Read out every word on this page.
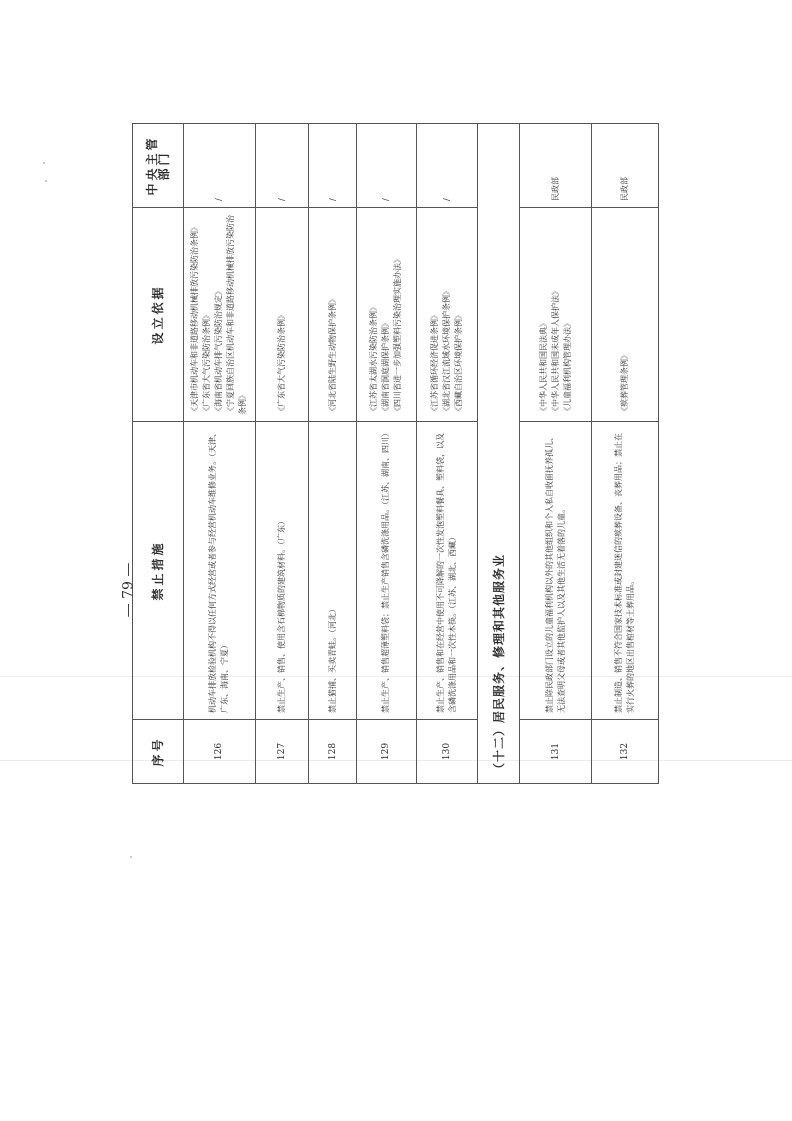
序号	禁止措施	设立依据	中央主管部门
126	机动车排放检验机构不得以任何方式经营或者参与经营机动车维修业务。（天津、广东、海南、宁夏）	《天津市机动车和非道路移动机械排放污染防治条例》 《广东省大气污染防治条例》 《海南省机动车排气污染防治规定》 《宁夏回族自治区机动车和非道路移动机械排放污染防治条例》	/
127	禁止生产、销售、使用含石棉物质的建筑材料。（广东）	《广东省大气污染防治条例》	/
128	禁止猎捕、买卖青蛙。（河北）	《河北省陆生野生动物保护条例》	/
129	禁止生产、销售超薄塑料袋；禁止生产销售含磷洗涤用品。（江苏、湖南、四川）	《江苏省太湖水污染防治条例》 《湖南省洞庭湖保护条例》 《四川省进一步加强塑料污染治理实施办法》	/
130	禁止生产、销售和在经营中使用不可降解的一次性发泡塑料餐具、塑料袋，以及含磷洗涤用品和一次性木筷。（江苏、湖北、西藏）	《江苏省循环经济促进条例》 《湖北省汉江流域水环境保护条例》 《西藏自治区环境保护条例》	/
（十二）居民服务、修理和其他服务业			
131	禁止除民政部门设立的儿童福利机构以外的其他组织和个人私自收留抚养孤儿、无法查明父母或者其他监护人以及其他生活无着落的儿童。	《中华人民共和国民法典》 《中华人民共和国未成年人保护法》 《儿童福利机构管理办法》	民政部
132	禁止制造、销售不符合国家技术标准或封建迷信的殡葬设备、丧葬用品；禁止在实行火葬的地区出售棺材等土葬用品。	《殡葬管理条例》	民政部
— 79 —
